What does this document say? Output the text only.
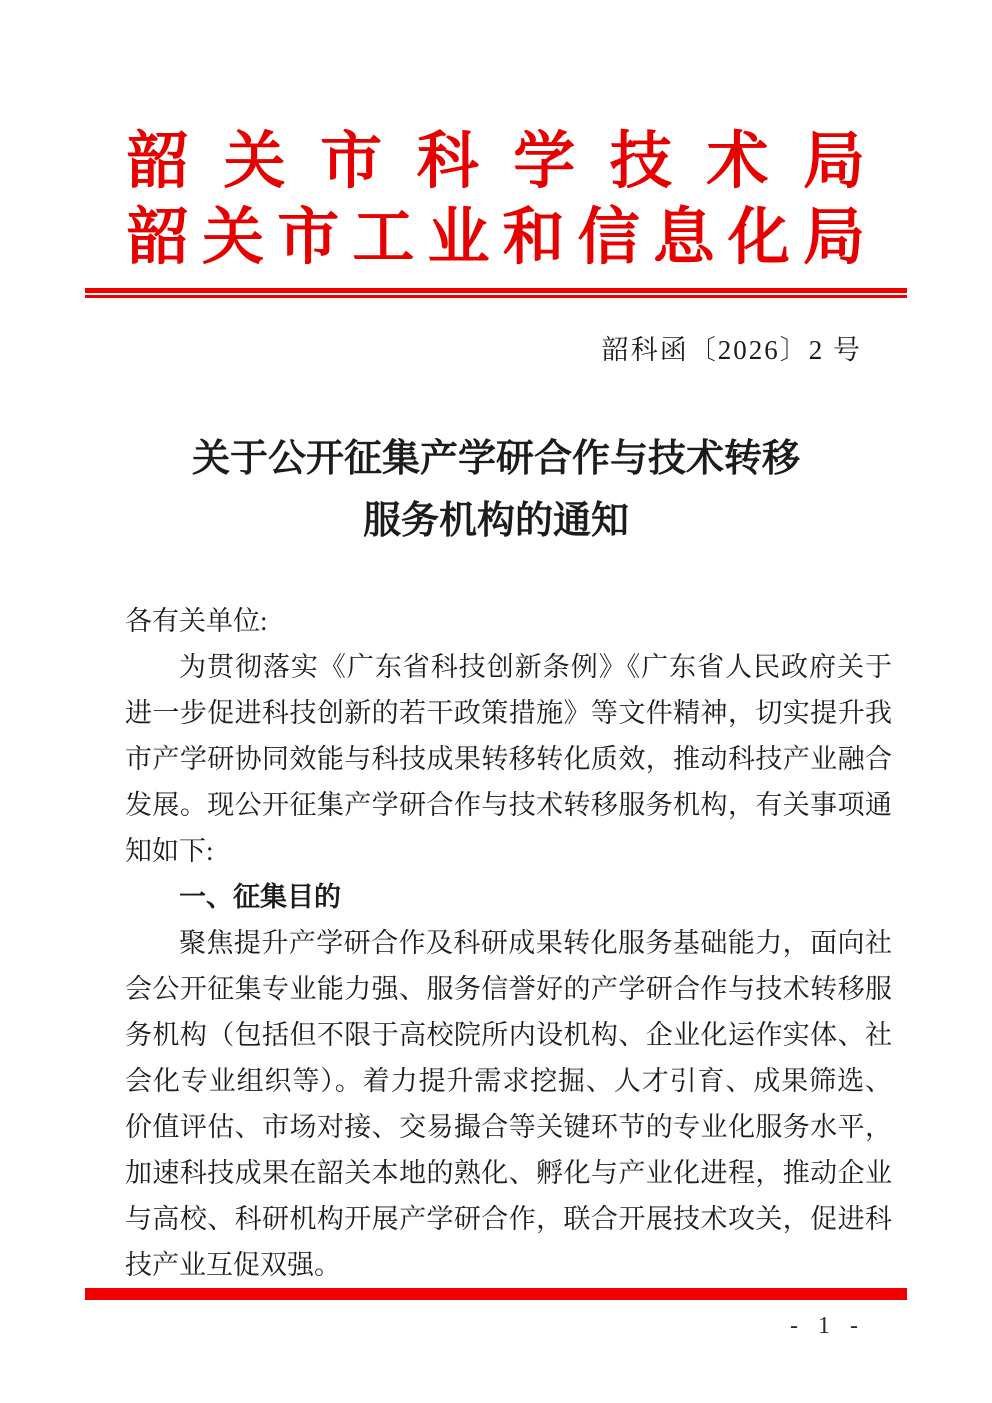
韶 关 市 科 学 技 术 局
韶 关 市 工 业 和 信 息 化 局
韶科函〔2026〕2 号
关于公开征集产学研合作与技术转移
服务机构的通知

各有关单位:

为贯彻落实《广东省科技创新条例》《广东省人民政府关于进一步促进科技创新的若干政策措施》等文件精神，切实提升我市产学研协同效能与科技成果转移转化质效，推动科技产业融合发展。现公开征集产学研合作与技术转移服务机构，有关事项通知如下:

一、征集目的

聚焦提升产学研合作及科研成果转化服务基础能力，面向社会公开征集专业能力强、服务信誉好的产学研合作与技术转移服务机构（包括但不限于高校院所内设机构、企业化运作实体、社会化专业组织等）。着力提升需求挖掘、人才引育、成果筛选、价值评估、市场对接、交易撮合等关键环节的专业化服务水平，加速科技成果在韶关本地的熟化、孵化与产业化进程，推动企业与高校、科研机构开展产学研合作，联合开展技术攻关，促进科技产业互促双强。

- 1 -
